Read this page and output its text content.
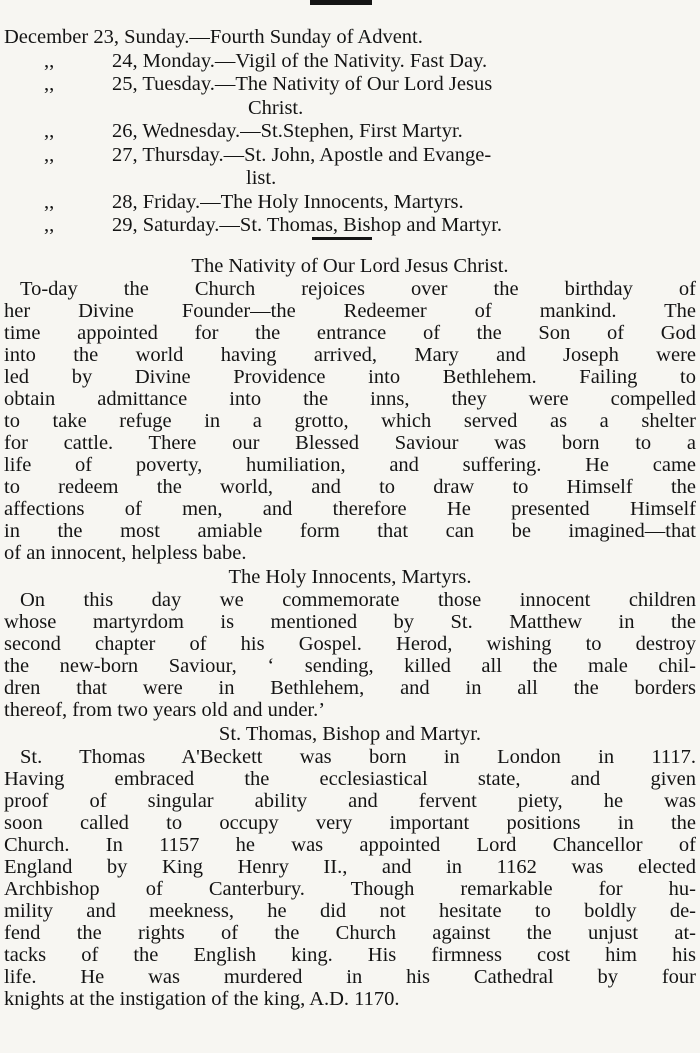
December 23, Sunday.—Fourth Sunday of Advent.
,,	24, Monday.—Vigil of the Nativity. Fast Day.
,,	25, Tuesday.—The Nativity of Our Lord Jesus
Christ.
,,	26, Wednesday.—St.Stephen, First Martyr.
,,	27, Thursday.—St. John, Apostle and Evange-
list.
,,	28, Friday.—The Holy Innocents, Martyrs.
,,	29, Saturday.—St. Thomas, Bishop and Martyr.
The Nativity of Our Lord Jesus Christ.
To-day the Church rejoices over the birthday of
her Divine Founder—the Redeemer of mankind. The
time appointed for the entrance of the Son of God
into the world having arrived, Mary and Joseph were
led by Divine Providence into Bethlehem. Failing to
obtain admittance into the inns, they were compelled
to take refuge in a grotto, which served as a shelter
for cattle. There our Blessed Saviour was born to a
life of poverty, humiliation, and suffering. He came
to redeem the world, and to draw to Himself the
affections of men, and therefore He presented Himself
in the most amiable form that can be imagined—that
of an innocent, helpless babe.
The Holy Innocents, Martyrs.
On this day we commemorate those innocent children
whose martyrdom is mentioned by St. Matthew in the
second chapter of his Gospel. Herod, wishing to destroy
the new-born Saviour, ‘ sending, killed all the male chil-
dren that were in Bethlehem, and in all the borders
thereof, from two years old and under.’
St. Thomas, Bishop and Martyr.
St. Thomas A'Beckett was born in London in 1117.
Having embraced the ecclesiastical state, and given
proof of singular ability and fervent piety, he was
soon called to occupy very important positions in the
Church. In 1157 he was appointed Lord Chancellor of
England by King Henry II., and in 1162 was elected
Archbishop of Canterbury. Though remarkable for hu-
mility and meekness, he did not hesitate to boldly de-
fend the rights of the Church against the unjust at-
tacks of the English king. His firmness cost him his
life. He was murdered in his Cathedral by four
knights at the instigation of the king, A.D. 1170.
